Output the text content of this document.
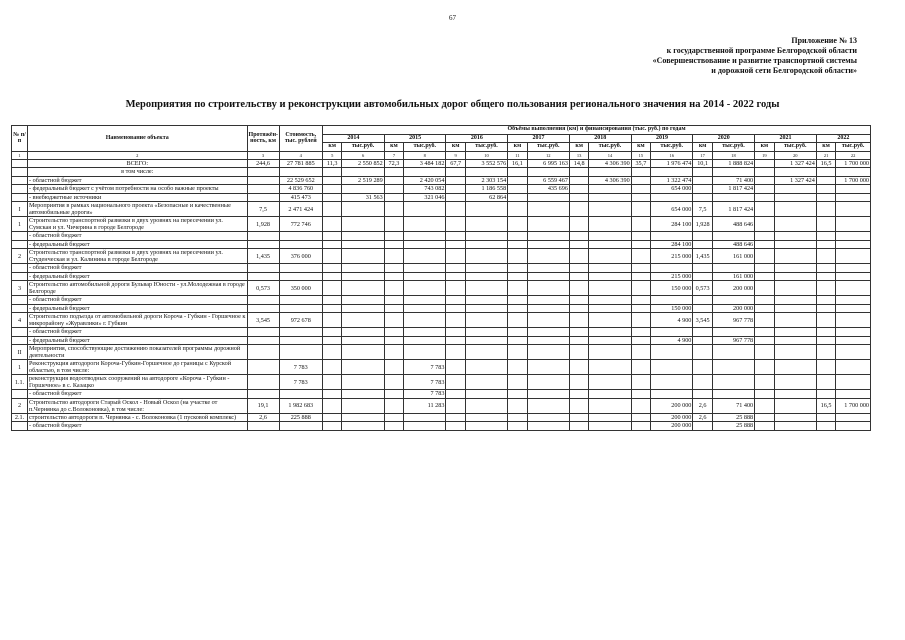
67
Приложение № 13
к государственной программе Белгородской области
«Совершенствование и развитие транспортной системы
и дорожной сети Белгородской области»
Мероприятия по строительству и реконструкции автомобильных дорог общего пользования регионального значения на 2014 - 2022 годы
№ п/п	Наименование объекта	Протяжён-ность, км	Стоимость, тыс. рублей	Объёмы выполнения (км) и финансирования (тыс. руб.) по годам																	
				2014		2015		2016		2017		2018		2019		2020		2021		2022	
				км	тыс.руб.	км	тыс.руб.	км	тыс.руб.	км	тыс.руб.	км	тыс.руб.	км	тыс.руб.	км	тыс.руб.	км	тыс.руб.	км	тыс.руб.
1	2	3	4	5	6	7	8	9	10	11	12	13	14	15	16	17	18	19	20	21	22
	ВСЕГО:	244,6	27 781 885	11,3	2 550 852	72,3	3 484 182	67,7	3 552 576	16,1	6 995 163	14,8	4 306 390	35,7	1 976 474	10,1	1 888 824		1 327 424	16,5	1 700 000
	в том числе:																				
	- областной бюджет		22 529 652		2 519 289		2 420 054		2 303 154		6 559 467		4 306 390		1 322 474		71 400		1 327 424		1 700 000
	- федеральный бюджет с учётом потребности на особо важные проекты		4 836 760				743 082		1 186 558		435 696				654 000		1 817 424				
	- внебюджетные источники		415 473		31 563		321 046		62 864												
I	Мероприятия в рамках национального проекта «Безопасные и качественные автомобильные дороги»	7,5	2 471 424												654 000	7,5	1 817 424				
1	Строительство транспортной развязки в двух уровнях на пересечении ул. Сумская и ул. Чичерина в городе Белгороде	1,928	772 746												284 100	1,928	488 646				
	- областной бюджет																				
	- федеральный бюджет														284 100		488 646				
2	Строительство транспортной развязки в двух уровнях на пересечении ул. Студенческая и ул. Калинина в городе Белгороде	1,435	376 000												215 000	1,435	161 000				
	- областной бюджет																				
	- федеральный бюджет														215 000		161 000				
3	Строительство автомобильной дороги Бульвар Юности - ул.Молодежная в городе Белгороде	0,573	350 000												150 000	0,573	200 000				
	- областной бюджет																				
	- федеральный бюджет														150 000		200 000				
4	Строительство подъезда от автомобильной дороги Короча - Губкин - Горшечное к микрорайону «Журавлики» г. Губкин	3,545	972 678												4 900	3,545	967 778				
	- областной бюджет																				
	- федеральный бюджет														4 900		967 778				
II	Мероприятия, способствующие достижению показателей программы дорожной деятельности																				
1	Реконструкция автодороги Короча-Губкин-Горшечное до границы с Курской областью, в том числе:		7 783				7 783														
1.1.	реконструкция водоотводных сооружений на автодороге «Короча - Губкин - Горшечное» в с. Казацко		7 783				7 783														
	- областной бюджет						7 783														
2	Строительство автодороги Старый Оскол - Новый Оскол (на участке от п.Чернянка до с.Волоконовка), в том числе:	19,1	1 982 683				11 283								200 000	2,6	71 400			16,5	1 700 000
2.1.	строительство автодороги п. Чернянка - с. Волоконовка (1 пусковой комплекс)	2,6	225 888												200 000	2,6	25 888				
	- областной бюджет														200 000		25 888				
